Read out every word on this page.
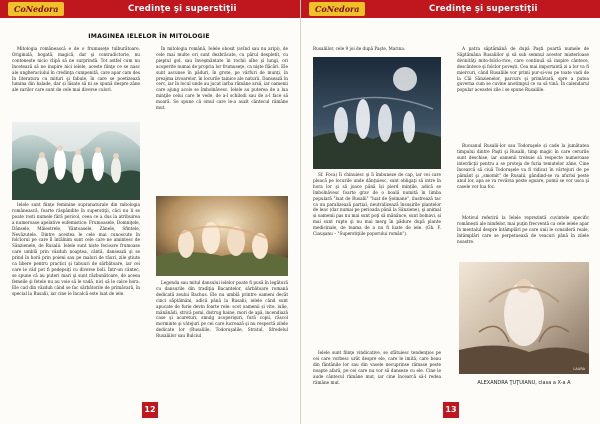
CoNedora	Credinţe şi superstiţii
IMAGINEA IELELOR ÎN MITOLOGIE

Mitologia românească e de o frumuseţe tulburătoare. Originală, bogată, magică, dar şi contradictorie, nu contenește nicio clipă să ne surprindă. Tot astfel cum nu încetează să ne inspire nici ielele, aceste fiinţe ce se nasc ale ungheraciului în credinţa cumpenită, care apar cam des în literatura cu mituri şi fabule, în care se poetizează lumina din balade, dar și lăsate să ni se spună despre zâne ale zarilor care sunt de cele mai diverse culori.

Ielele sunt fiinţe feminine supranaturale din mitologia românească, foarte răspândite în superstiţii, căci nu li se poate rosti numele fără pericol, ceea ce a dus la atribuirea a numeroase apelative eufemistice: Frumoasele, Domniţele, Dânsele, Măiestrele, Vântoasele, Zânele, Sfintele, Nevăzutele. Dintre acestea le cele mai cunoscute în folclorul pe care îl întâlnim sunt cele care ne amintesc de Sânzienele, de Rusalii. Ielele sunt niște fecioare frumoase care umblă prin văzduh noaptea, cântă, dansează şi se prind în horă prin poieni sau pe maluri de râuri, zile ştiute ca libere pentru practici şi tabuuri de sărbătoare, iar cei care le văd pot fi pedepsiţi cu diverse boli. Într-un cântec, se spune că au puteri mari şi sunt răzbunătoare, de aceea femeile şi fetele nu au voie să le vadă, nici să le calce hora. Ele cad din văzduh când se fac sărbătorile de primăvară, în special la Rusalii, iar cine le încalcă este luat de iele.

În mitologia română, Ielele obosit (avînd sau nu aripi), de cele mai multe ori sunt dezbrăcate, cu părul despletit, cu pieptul gol, sau înveşmântate în rochii albe şi lungi, ori acoperite numai de propria lor frumuseţe, ca nişte flăcări. Ele sunt ascunse în păduri, în grote, pe vârfuri de munţi, în preajma izvoarelor, în locurile tainice ale naturii. Dansează în cerc, iar în locul unde au jucat iarba rămâne arsă, iar oamenii care ajung acolo se îmbolnăvesc. Ielele au puterea de a lua minţile celui care le vede, de a-l schilodi sau de a-l face să moară. Se spune că omul care le-a auzit cântecul rămâne mut.

Legenda sau mitul dansului ielelor poate fi pusă în legătură cu dansurile din tradiţia Bacantelor, sărbătoare romană dedicată zeului Bachus. Ele nu umblă printre oameni decât cinci săptămâni, adică până la Rusalii; ielele când sunt apucate de furie devin foarte rele: scot oamenii și vite, iulie, mânânădi, strică pomi, distrug haine, mori de apă, incendiază case şi acareturi, smulg acoperişuri, fură copii, răscol morminte şi vâtejuri pe cei care lucrează şi nu respectă zilele dedicate lor (Rusaliile, Todoruşalile, Stratul, Sfredelul Rusaliilor sau Bulciul

12
CoNedora	Credinţe şi superstiţii

Rusaliilor, cele 9 joi de după Paşte, Marina.

Sf. Foca) Îi chinuiesc şi îi îmbuneze de cap, iar cei care pleacă pe locurile unde dănţuiesc, sunt obligaţi să intre în hora lor şi să joace până își pierd mințile, adică se îmbolnăvesc foarte grav de o boală numită în limba populară "luat de Rusalii" "luat de Şoimane", ilustrează tac ca un paralizează parțial, neutralizează însușirile plantelor de leac (dar numai pe perioada până la Sânziene), şi animal și oamenii pas nu mai sunt poţi să mănânce, sunt bolnavi, și mai sunt rupte şi nu mai merg în pădure după plante medicinale, de teama de a nu fi luate de iele. (Gh. F. Ciauşanu – "Superstiţiile poporului român").

Ielele sunt fiinţe vindicative, se sfătuiesc tendenţios pe cei care vorbesc urât despre ele, care le imită, care beau din fântânile lor sau din vasele necuprinse rămase peste noapte afară, pe cei care nu vor să danseze cu ele. Cine le aude cântecul rămâne mut, iar cine încearcă să-l redea rămâne mut.

A patra săptămână de după Paşti poartă numele de Săptămâna Rusaliilor şi să sub semnul acestor misterioase divinităţi mito-folclo-rice, care continuă să inspire cântece, descântece şi folclor poveşti. Cea mai importantă zi a lor va fi miercuri, când Rusaliile vor primi pur-și-vos pe toate vadi de la Căi Sânzienelor, parcurs şi primăvară, spre a putea guverna cum se cuvine anotimpul ce va să vină. În calendarul popular aceastei zile i se spune Rusaliile.

Bucsanul Rusalii-lor sau Todoruşele și cade la jumătatea timpului dintre Paşti şi Rusalii, timp magic în care cerurile sunt deschise, iar oamenii trebuie să respecte numeroase interdicţii pentru a se proteja de furia temutelor zâne. Cine încearcă să ciuă Todoruşele va fi ridicat în vârtejuri de pe pământ şi „smomit" de Rusalii, gândind-se va afurisi peste anul lor, apa se va revărsa peste ogoare, pomii se vor usca şi casele vor lua foc.

Motivul referirii la Ielele reprezintă cuvintele specific românești ale nimfelor, mai puţin frecventă ca cele ielele apar în mentalul despre întâmplări pe care unii le consideră reale, întâmplări care se perpetuează de veacuri până în zilele noastre.

LAURA
ALEXANDRA ŢUŢUIANU, clasa a X-a A
13
